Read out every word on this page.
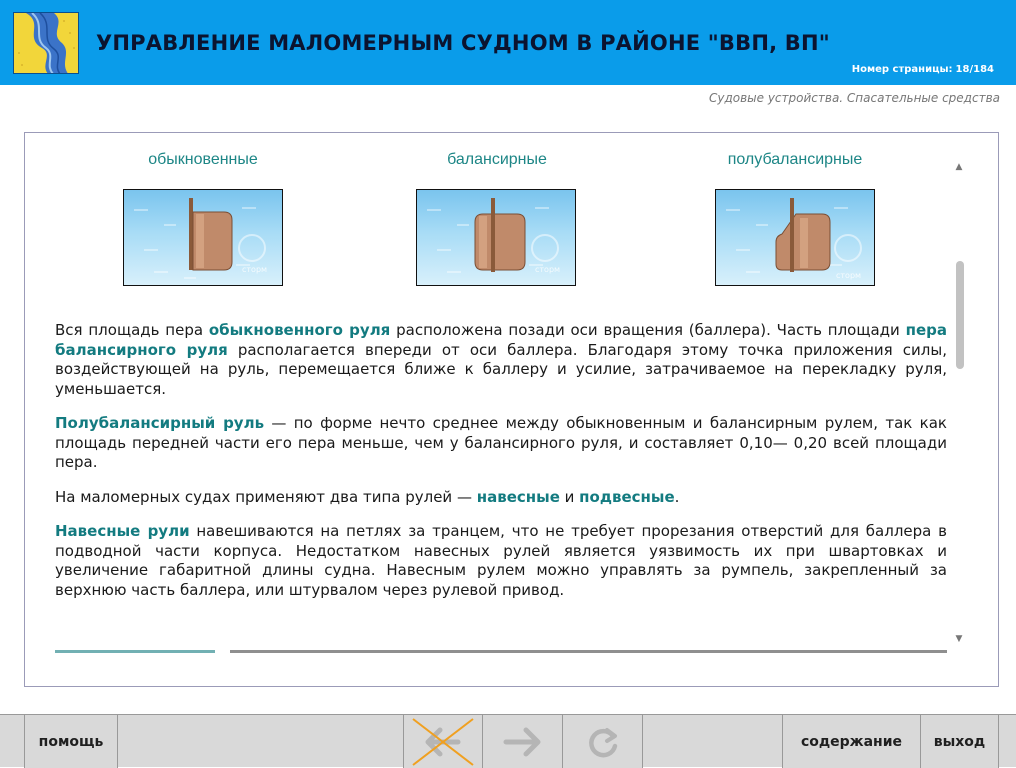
УПРАВЛЕНИЕ МАЛОМЕРНЫМ СУДНОМ В РАЙОНЕ "ВВП, ВП"
Номер страницы: 18/184
Судовые устройства. Спасательные средства
обыкновенные
сторм
балансирные
сторм
полубалансирные
сторм

Вся площадь пера обыкновенного руля расположена позади оси вращения (баллера). Часть площади пера балансирного руля располагается впереди от оси баллера. Благодаря этому точка приложения силы, воздействующей на руль, перемещается ближе к баллеру и усилие, затрачиваемое на перекладку руля, уменьшается.

Полубалансирный руль — по форме нечто среднее между обыкновенным и балансирным рулем, так как площадь передней части его пера меньше, чем у балансирного руля, и составляет 0,10— 0,20 всей площади пера.

На маломерных судах применяют два типа рулей — навесные и подвесные.

Навесные рули навешиваются на петлях за транцем, что не требует прорезания отверстий для баллера в подводной части корпуса. Недостатком навесных рулей является уязвимость их при швартовках и увеличение габаритной длины судна. Навесным рулем можно управлять за румпель, закрепленный за верхнюю часть баллера, или штурвалом через рулевой привод.

▲
▼
помощь	содержание выход
